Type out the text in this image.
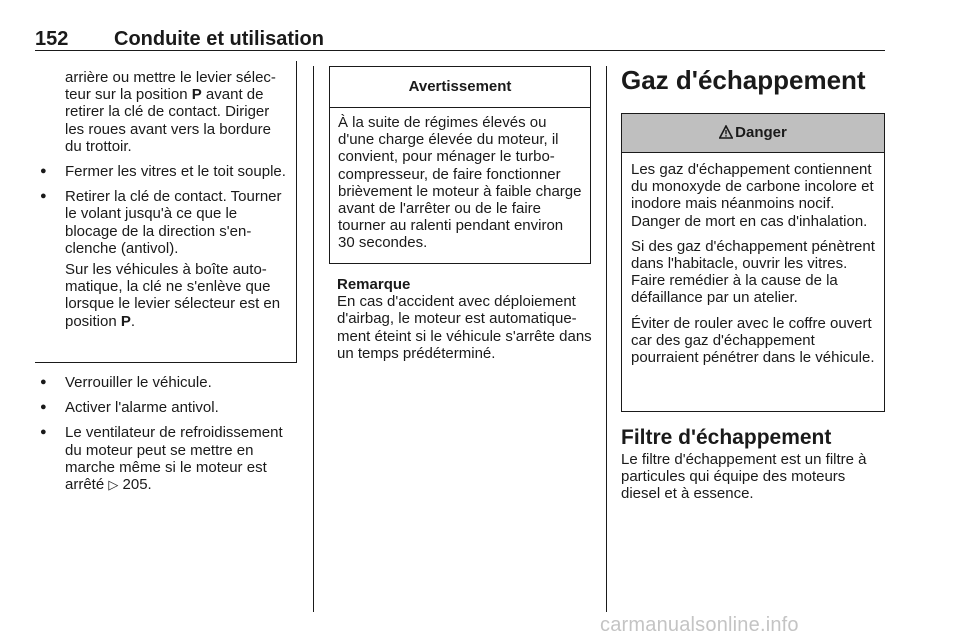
152 Conduite et utilisation
arrière ou mettre le levier sélec-
teur sur la position P avant de retirer la clé de contact. Diriger les roues avant vers la bordure du trottoir.
● Fermer les vitres et le toit souple.
● Retirer la clé de contact. Tourner le volant jusqu'à ce que le blocage de la direction s'enclenche (antivol).
Sur les véhicules à boîte automatique, la clé ne s'enlève que lorsque le levier sélecteur est en position P.
● Verrouiller le véhicule.
● Activer l'alarme antivol.
● Le ventilateur de refroidissement du moteur peut se mettre en marche même si le moteur est arrêté ▷ 205.
Avertissement
À la suite de régimes élevés ou d'une charge élevée du moteur, il convient, pour ménager le turbocompresseur, de faire fonctionner brièvement le moteur à faible charge avant de l'arrêter ou de le faire tourner au ralenti pendant environ 30 secondes.
Remarque
En cas d'accident avec déploiement d'airbag, le moteur est automatiquement éteint si le véhicule s'arrête dans un temps prédéterminé.
Gaz d'échappement
Danger

Les gaz d'échappement contiennent du monoxyde de carbone incolore et inodore mais néanmoins nocif. Danger de mort en cas d'inhalation.

Si des gaz d'échappement pénètrent dans l'habitacle, ouvrir les vitres. Faire remédier à la cause de la défaillance par un atelier.

Éviter de rouler avec le coffre ouvert car des gaz d'échappement pourraient pénétrer dans le véhicule.

Filtre d'échappement
Le filtre d'échappement est un filtre à particules qui équipe des moteurs diesel et à essence.
carmanualsonline.info
